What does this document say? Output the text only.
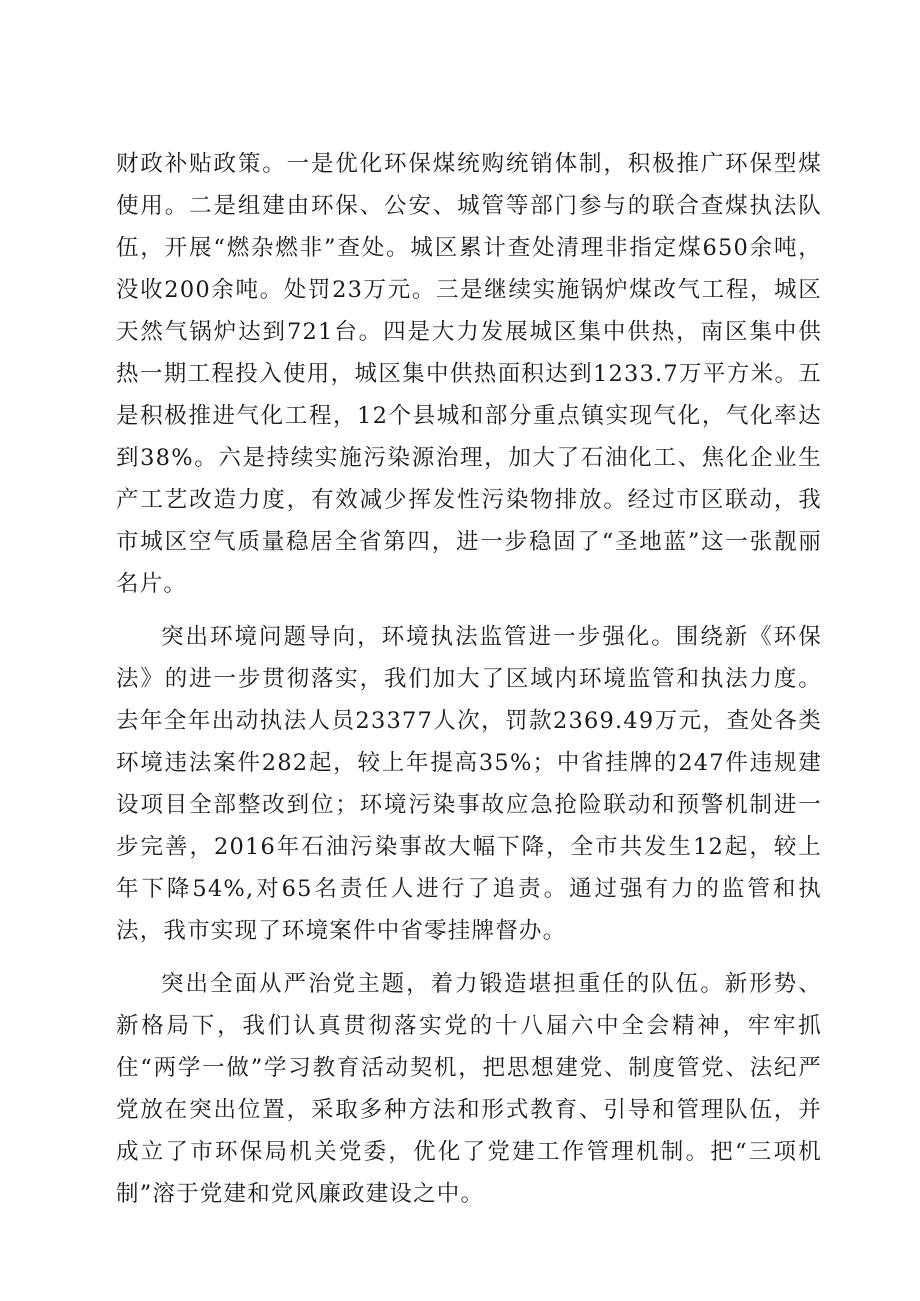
财政补贴政策。一是优化环保煤统购统销体制，积极推广环保型煤使用。二是组建由环保、公安、城管等部门参与的联合查煤执法队伍，开展“燃杂燃非”查处。城区累计查处清理非指定煤650余吨，没收200余吨。处罚23万元。三是继续实施锅炉煤改气工程，城区天然气锅炉达到721台。四是大力发展城区集中供热，南区集中供热一期工程投入使用，城区集中供热面积达到1233.7万平方米。五是积极推进气化工程，12个县城和部分重点镇实现气化，气化率达到38%。六是持续实施污染源治理，加大了石油化工、焦化企业生产工艺改造力度，有效减少挥发性污染物排放。经过市区联动，我市城区空气质量稳居全省第四，进一步稳固了“圣地蓝”这一张靓丽名片。

突出环境问题导向，环境执法监管进一步强化。围绕新《环保法》的进一步贯彻落实，我们加大了区域内环境监管和执法力度。去年全年出动执法人员23377人次，罚款2369.49万元，查处各类环境违法案件282起，较上年提高35%；中省挂牌的247件违规建设项目全部整改到位；环境污染事故应急抢险联动和预警机制进一步完善，2016年石油污染事故大幅下降，全市共发生12起，较上年下降54%,对65名责任人进行了追责。通过强有力的监管和执法，我市实现了环境案件中省零挂牌督办。

突出全面从严治党主题，着力锻造堪担重任的队伍。新形势、新格局下，我们认真贯彻落实党的十八届六中全会精神，牢牢抓住“两学一做”学习教育活动契机，把思想建党、制度管党、法纪严党放在突出位置，采取多种方法和形式教育、引导和管理队伍，并成立了市环保局机关党委，优化了党建工作管理机制。把“三项机制”溶于党建和党风廉政建设之中。
